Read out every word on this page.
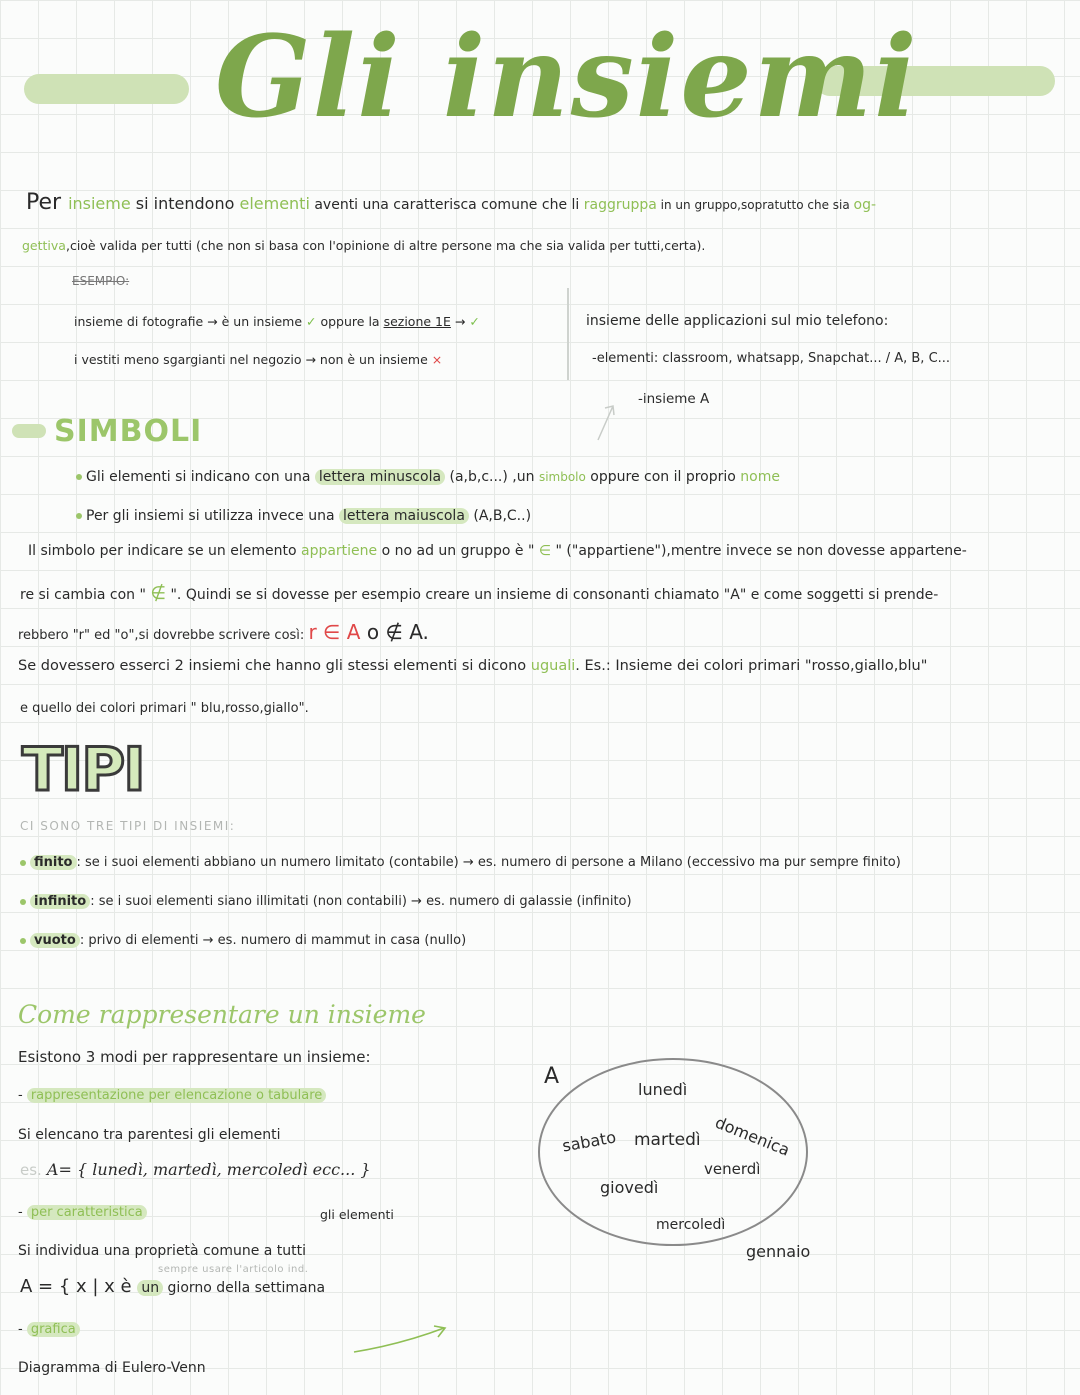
Gli insiemi
Per insieme si intendono elementi aventi una caratterisca comune che li raggruppa in un gruppo,sopratutto che sia og-
gettiva,cioè valida per tutti (che non si basa con l'opinione di altre persone ma che sia valida per tutti,certa).
ESEMPIO:
insieme di fotografie → è un insieme ✓ oppure la sezione 1E → ✓
i vestiti meno sgargianti nel negozio → non è un insieme ×
insieme delle applicazioni sul mio telefono:
-elementi: classroom, whatsapp, Snapchat... / A, B, C...
-insieme A
SIMBOLI
Gli elementi si indicano con una lettera minuscola (a,b,c...) ,un simbolo oppure con il proprio nome
Per gli insiemi si utilizza invece una lettera maiuscola (A,B,C..)
Il simbolo per indicare se un elemento appartiene o no ad un gruppo è " ∈ " ("appartiene"),mentre invece se non dovesse appartene-
re si cambia con " ∉ ". Quindi se si dovesse per esempio creare un insieme di consonanti chiamato "A" e come soggetti si prende-
rebbero "r" ed "o",si dovrebbe scrivere così: r ∈ A o ∉ A.
Se dovessero esserci 2 insiemi che hanno gli stessi elementi si dicono uguali. Es.: Insieme dei colori primari "rosso,giallo,blu"
e quello dei colori primari " blu,rosso,giallo".
TIPI
CI SONO TRE TIPI DI INSIEMI:
finito : se i suoi elementi abbiano un numero limitato (contabile) → es. numero di persone a Milano (eccessivo ma pur sempre finito)
infinito : se i suoi elementi siano illimitati (non contabili) → es. numero di galassie (infinito)
vuoto : privo di elementi → es. numero di mammut in casa (nullo)
Come rappresentare un insieme
Esistono 3 modi per rappresentare un insieme:
- rappresentazione per elencazione o tabulare
Si elencano tra parentesi gli elementi
es. A= { lunedì, martedì, mercoledì ecc... }
- per caratteristica	gli elementi
Si individua una proprietà comune a tutti
sempre usare l'articolo ind.
A = { x | x è un giorno della settimana
- grafica
Diagramma di Eulero-Venn
A
lunedì
domenica
sabato martedì
venerdì
giovedì
mercoledì
gennaio
